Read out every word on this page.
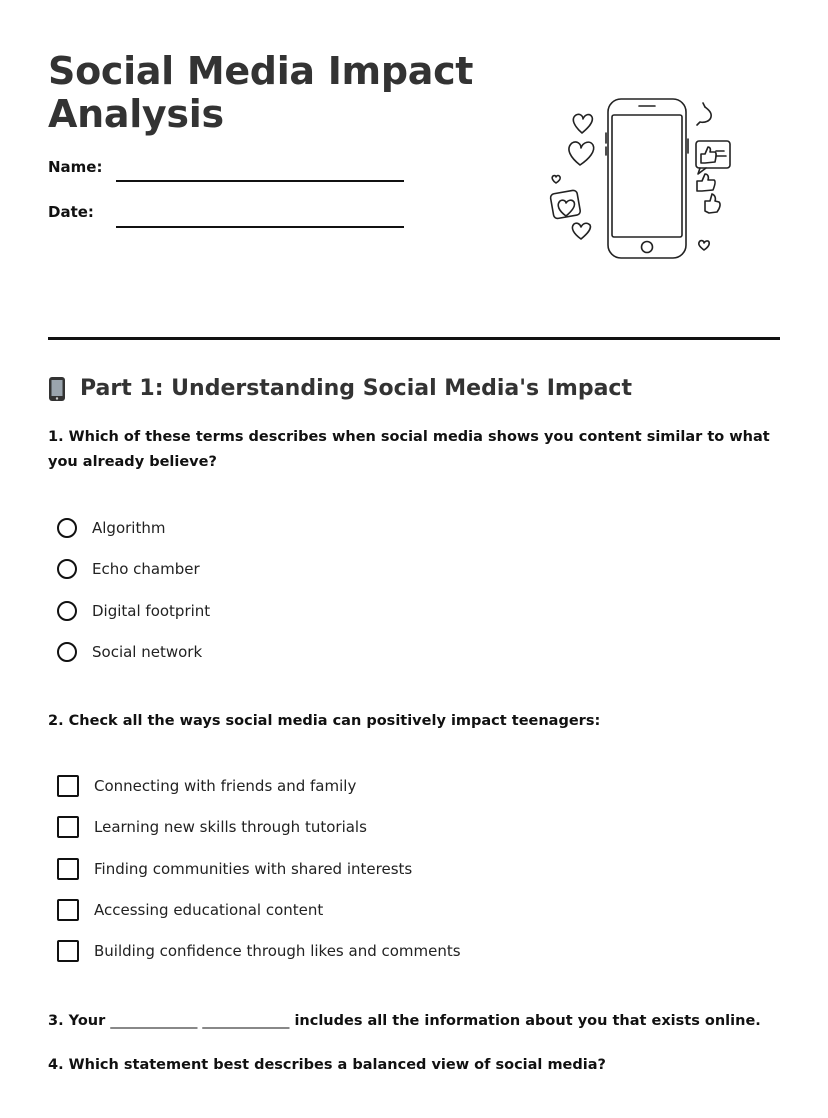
Social Media Impact
Analysis
Name:
Date:
Part 1: Understanding Social Media's Impact

1. Which of these terms describes when social media shows you content similar to what you already believe?

Algorithm
Echo chamber
Digital footprint
Social network

2. Check all the ways social media can positively impact teenagers:

Connecting with friends and family
Learning new skills through tutorials
Finding communities with shared interests
Accessing educational content
Building confidence through likes and comments

3. Your
____________
____________
includes all the information about you that exists online.

4. Which statement best describes a balanced view of social media?
